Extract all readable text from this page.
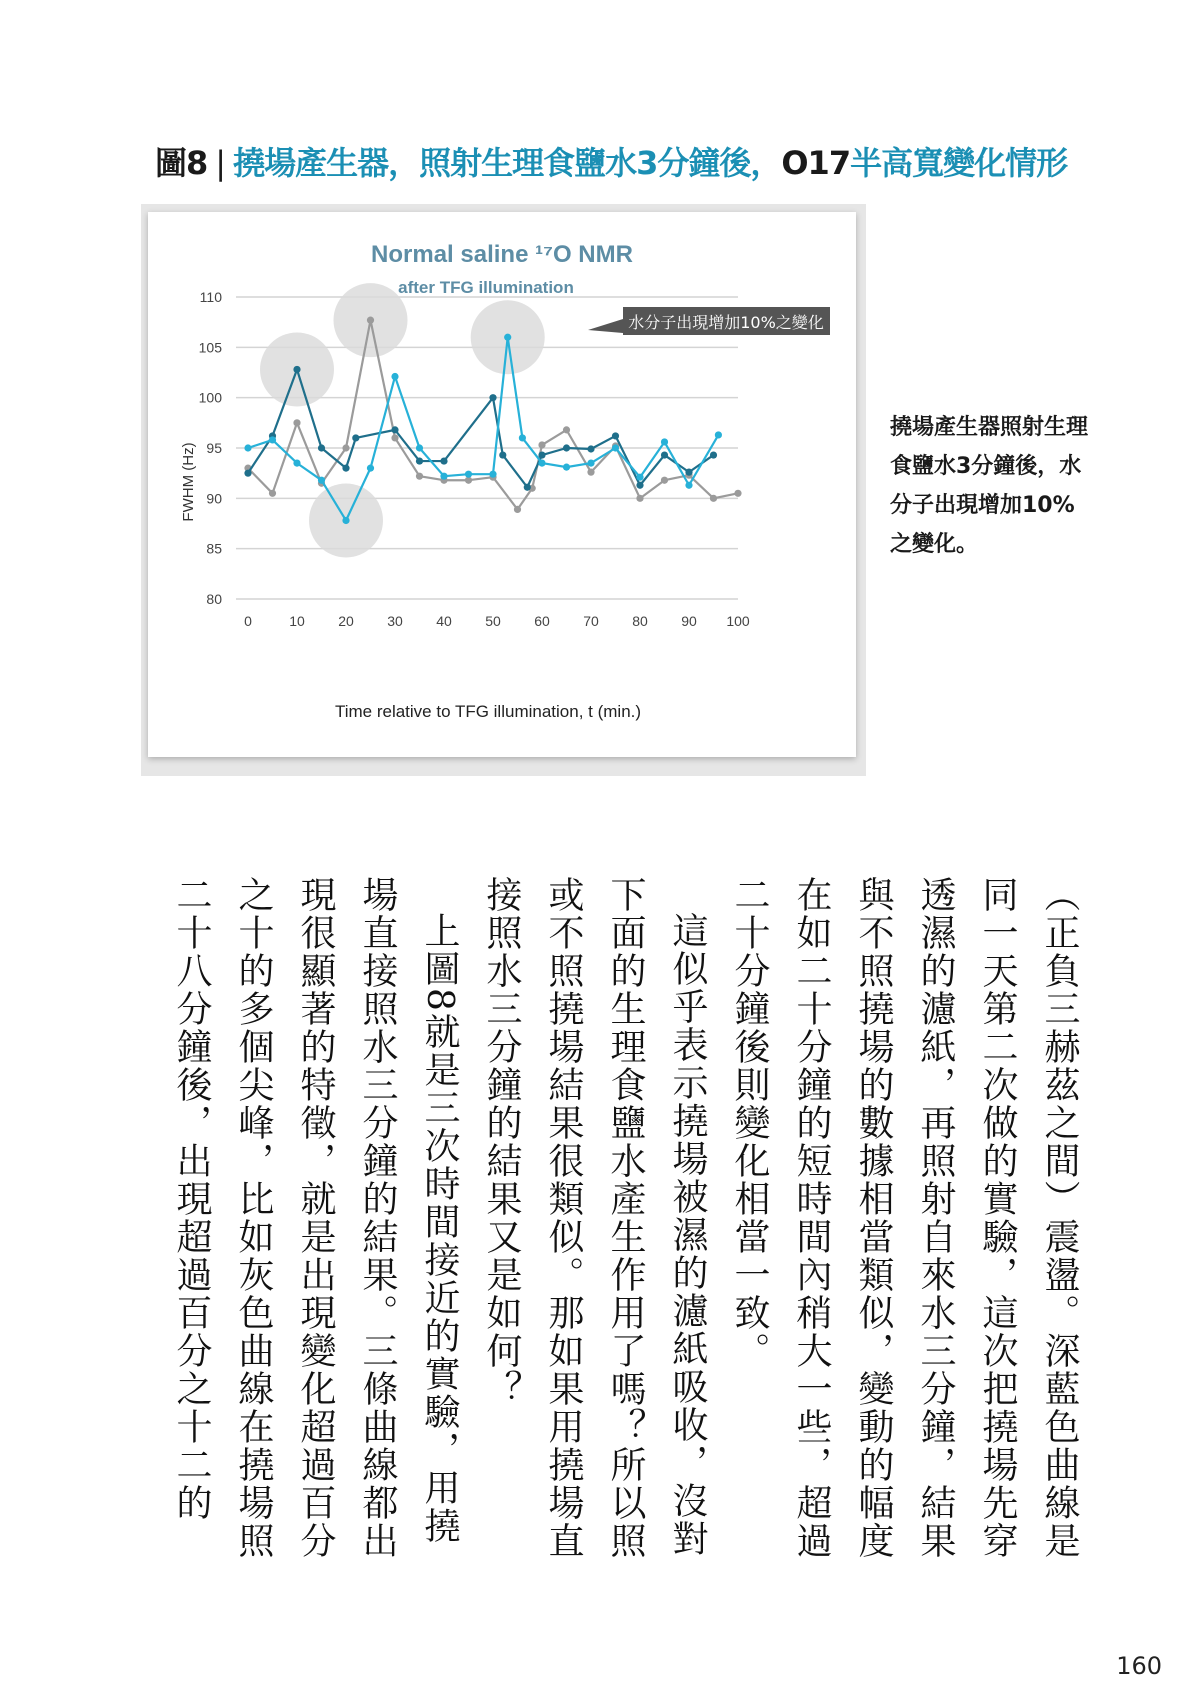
圖8 | 撓場產生器，照射生理食鹽水3分鐘後，O17半高寬變化情形
Normal saline ¹⁷O NMR
after TFG illumination
80
85
90
95
100
105
110
0	10 20 30 40 50 60 70 80 90 100
FWHM (Hz)
Time relative to TFG illumination, t (min.)
水分子出現增加10%之變化
撓場產生器照射生理食鹽水3分鐘後，水分子出現增加10%之變化。

（正負三赫茲之間）震盪。深藍色曲線是同一天第二次做的實驗，這次把撓場先穿透濕的濾紙，再照射自來水三分鐘，結果與不照撓場的數據相當類似，變動的幅度在如二十分鐘的短時間內稍大一些，超過二十分鐘後則變化相當一致。

這似乎表示撓場被濕的濾紙吸收，沒對下面的生理食鹽水產生作用了嗎？所以照或不照撓場結果很類似。那如果用撓場直接照水三分鐘的結果又是如何？

上圖8就是三次時間接近的實驗，用撓場直接照水三分鐘的結果。三條曲線都出現很顯著的特徵，就是出現變化超過百分之十的多個尖峰，比如灰色曲線在撓場照二十八分鐘後，出現超過百分之十二的

160
